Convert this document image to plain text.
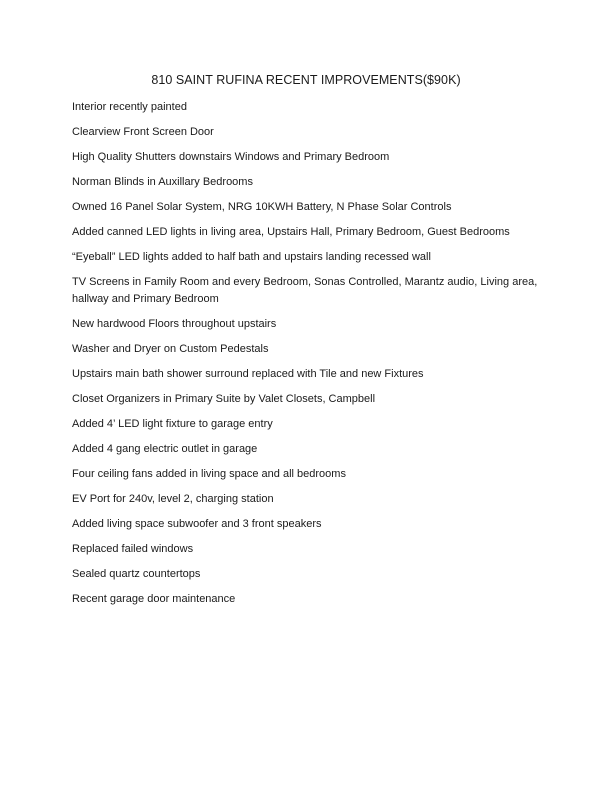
810 SAINT RUFINA RECENT IMPROVEMENTS($90K)
Interior recently painted
Clearview Front Screen Door
High Quality Shutters downstairs Windows and Primary Bedroom
Norman Blinds in Auxillary Bedrooms
Owned 16 Panel Solar System, NRG 10KWH Battery, N Phase Solar Controls
Added canned LED lights in living area, Upstairs Hall, Primary Bedroom, Guest Bedrooms
“Eyeball” LED lights added to half bath and upstairs landing recessed wall
TV Screens in Family Room and every Bedroom, Sonas Controlled, Marantz audio, Living area, hallway and Primary Bedroom
New hardwood Floors throughout upstairs
Washer and Dryer on Custom Pedestals
Upstairs main bath shower surround replaced with Tile and new Fixtures
Closet Organizers in Primary Suite by Valet Closets, Campbell
Added 4’ LED light fixture to garage entry
Added 4 gang electric outlet in garage
Four ceiling fans added in living space and all bedrooms
EV Port for 240v, level 2, charging station
Added living space subwoofer and 3 front speakers
Replaced failed windows
Sealed quartz countertops
Recent garage door maintenance
